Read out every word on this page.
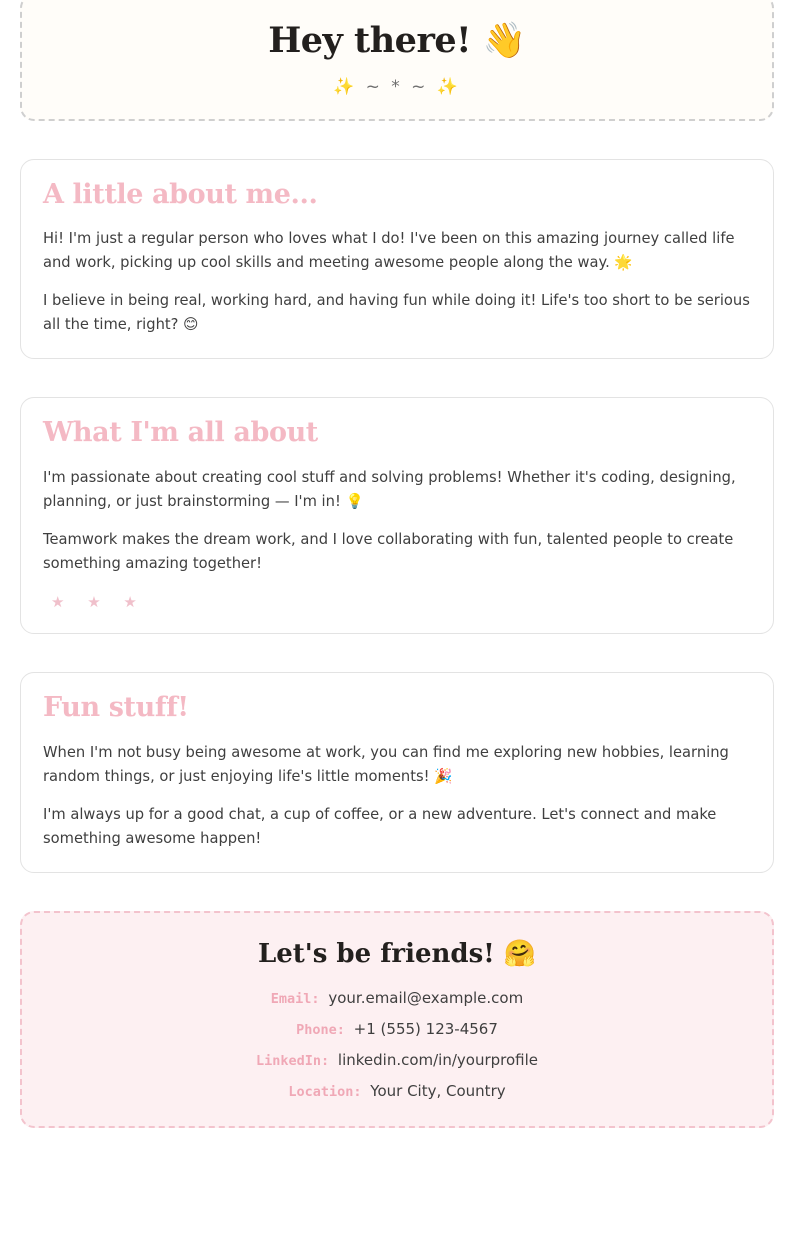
Hey there! 👋
✨ ~ * ~ ✨
A little about me...

Hi! I'm just a regular person who loves what I do! I've been on this amazing journey called life and work, picking up cool skills and meeting awesome people along the way. 🌟

I believe in being real, working hard, and having fun while doing it! Life's too short to be serious all the time, right? 😊

What I'm all about

I'm passionate about creating cool stuff and solving problems! Whether it's coding, designing, planning, or just brainstorming — I'm in! 💡

Teamwork makes the dream work, and I love collaborating with fun, talented people to create something amazing together!

★ ★ ★
Fun stuff!

When I'm not busy being awesome at work, you can find me exploring new hobbies, learning random things, or just enjoying life's little moments! 🎉

I'm always up for a good chat, a cup of coffee, or a new adventure. Let's connect and make something awesome happen!

Let's be friends! 🤗
Email: your.email@example.com
Phone: +1 (555) 123-4567
LinkedIn: linkedin.com/in/yourprofile
Location: Your City, Country
